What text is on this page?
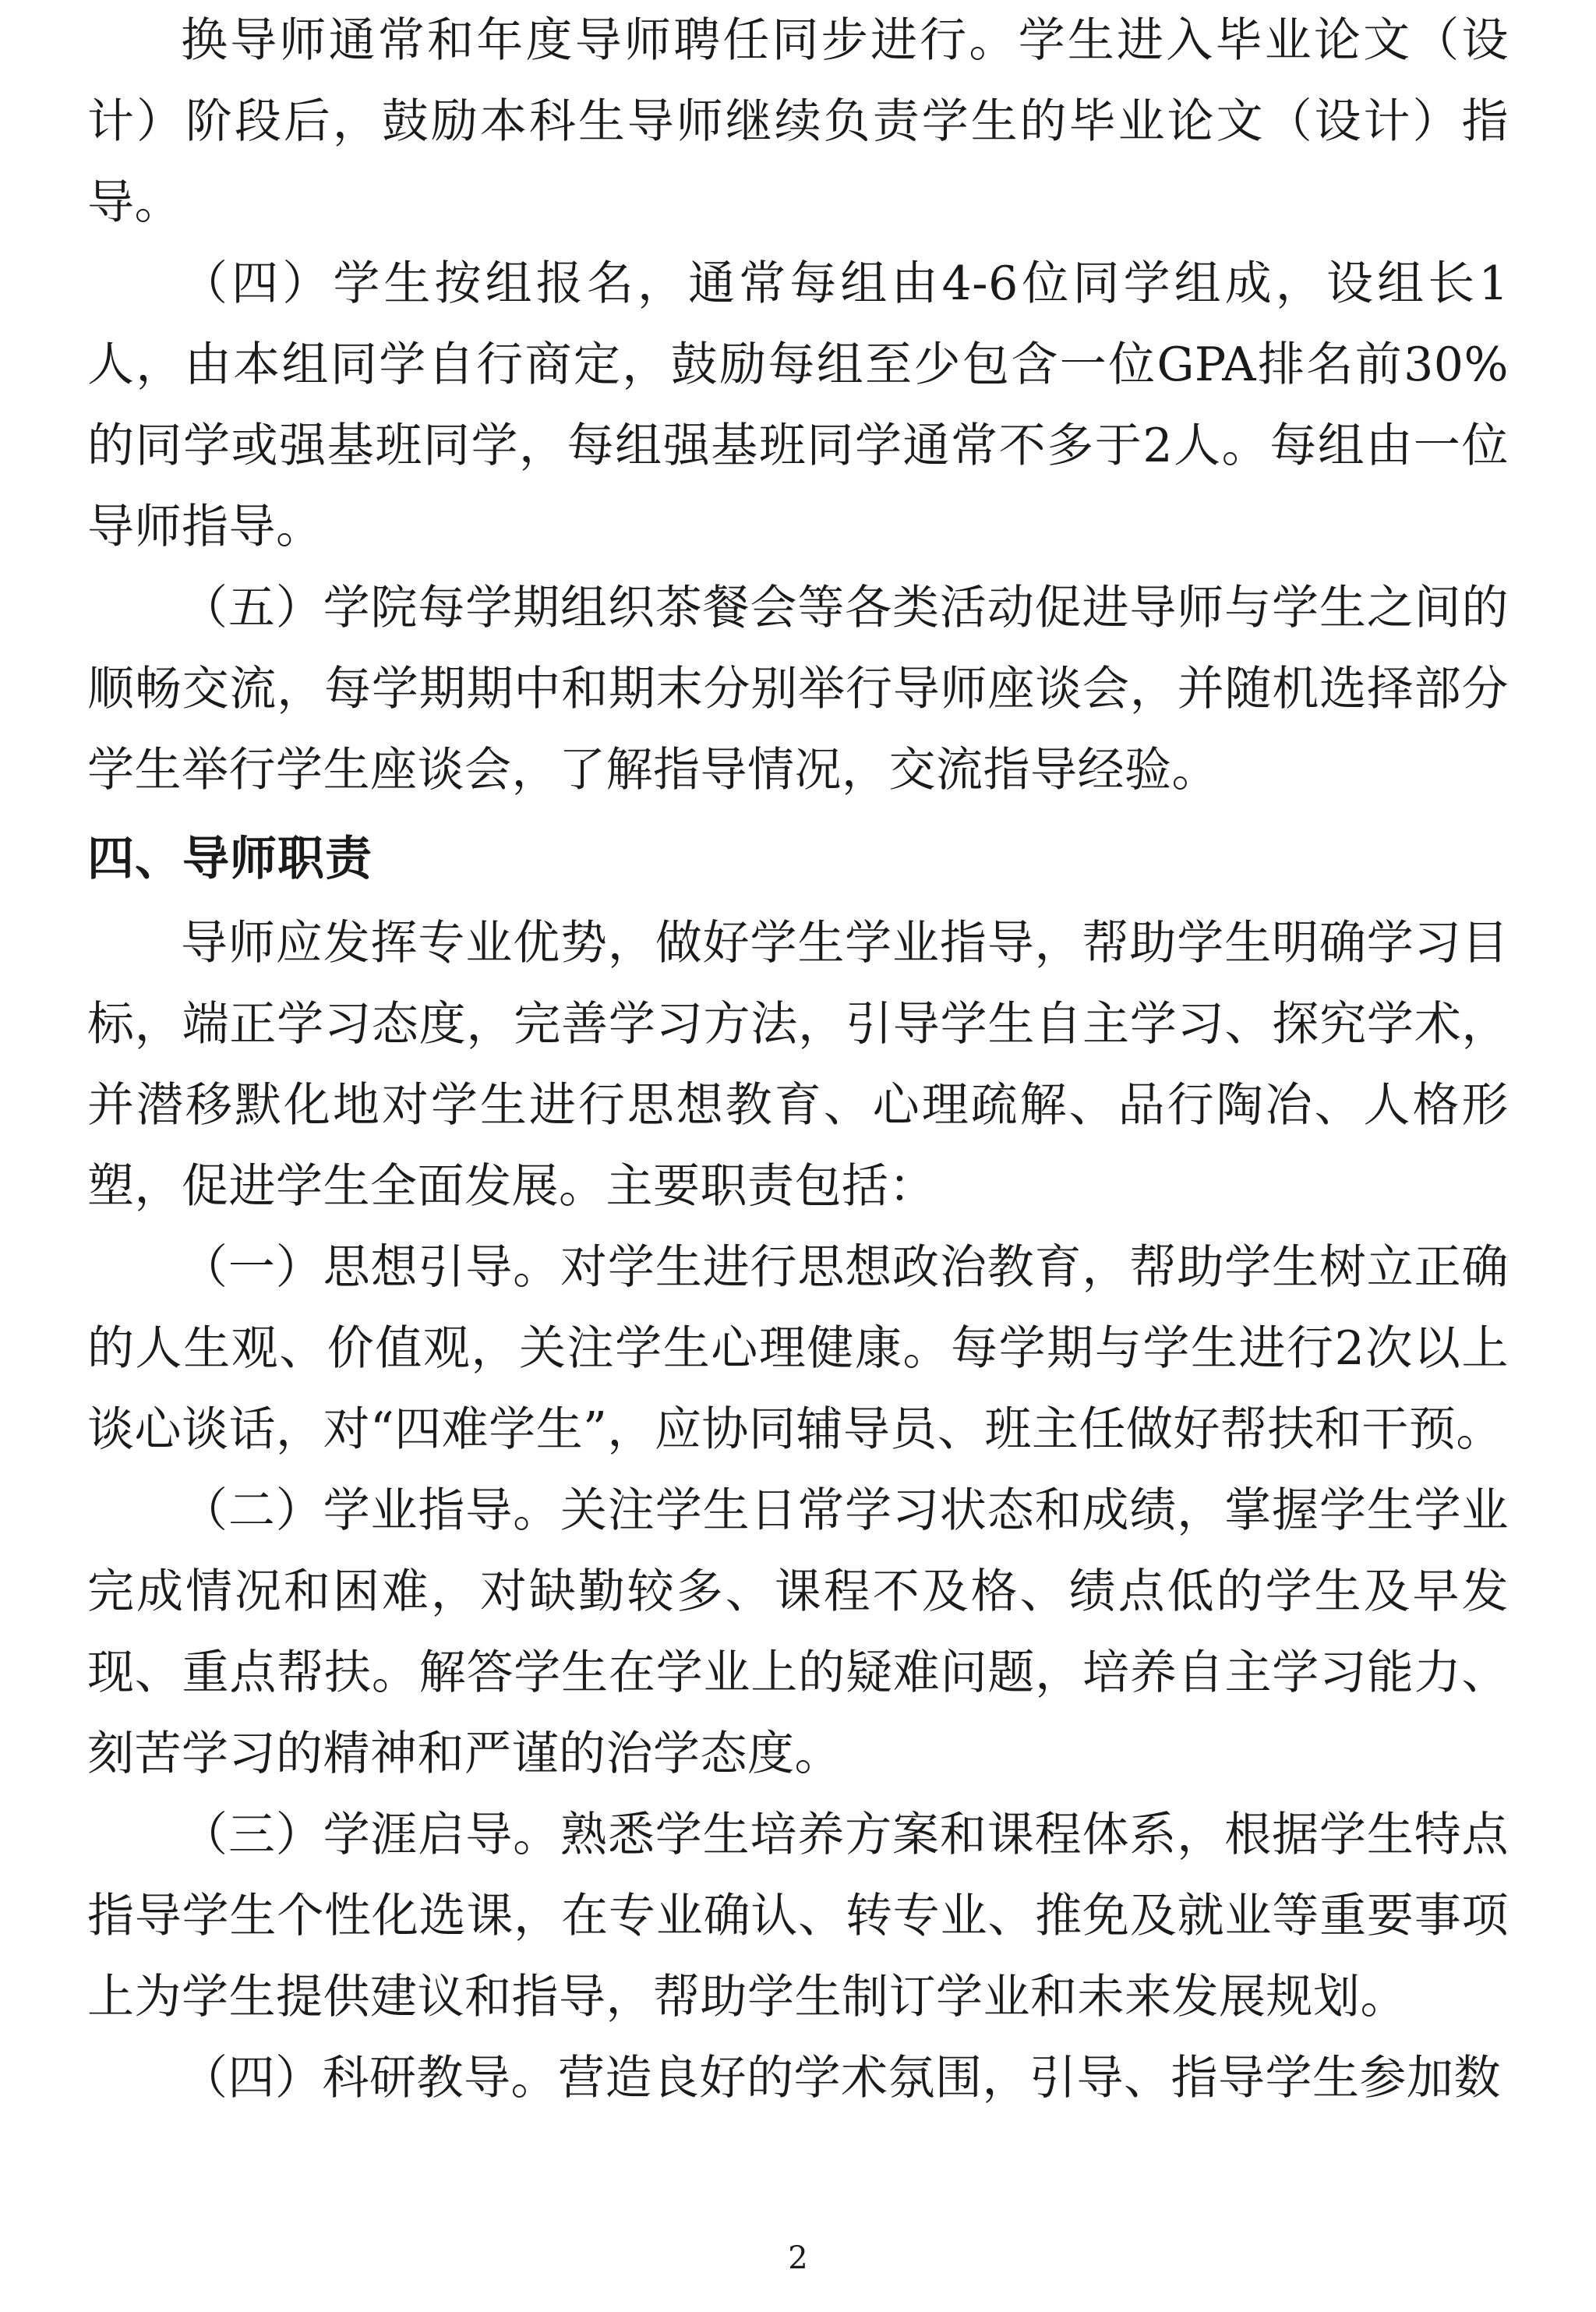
换导师通常和年度导师聘任同步进行。学生进入毕业论文（设计）阶段后，鼓励本科生导师继续负责学生的毕业论文（设计）指导。

（四）学生按组报名，通常每组由4-6位同学组成，设组长1人，由本组同学自行商定，鼓励每组至少包含一位GPA排名前30%的同学或强基班同学，每组强基班同学通常不多于2人。每组由一位导师指导。

（五）学院每学期组织茶餐会等各类活动促进导师与学生之间的顺畅交流，每学期期中和期末分别举行导师座谈会，并随机选择部分学生举行学生座谈会，了解指导情况，交流指导经验。

四、导师职责

导师应发挥专业优势，做好学生学业指导，帮助学生明确学习目标，端正学习态度，完善学习方法，引导学生自主学习、探究学术，并潜移默化地对学生进行思想教育、心理疏解、品行陶冶、人格形塑，促进学生全面发展。主要职责包括：

（一）思想引导。对学生进行思想政治教育，帮助学生树立正确的人生观、价值观，关注学生心理健康。每学期与学生进行2次以上谈心谈话，对“四难学生”，应协同辅导员、班主任做好帮扶和干预。

（二）学业指导。关注学生日常学习状态和成绩，掌握学生学业完成情况和困难，对缺勤较多、课程不及格、绩点低的学生及早发现、重点帮扶。解答学生在学业上的疑难问题，培养自主学习能力、刻苦学习的精神和严谨的治学态度。

（三）学涯启导。熟悉学生培养方案和课程体系，根据学生特点指导学生个性化选课，在专业确认、转专业、推免及就业等重要事项上为学生提供建议和指导，帮助学生制订学业和未来发展规划。

（四）科研教导。营造良好的学术氛围，引导、指导学生参加数

2
